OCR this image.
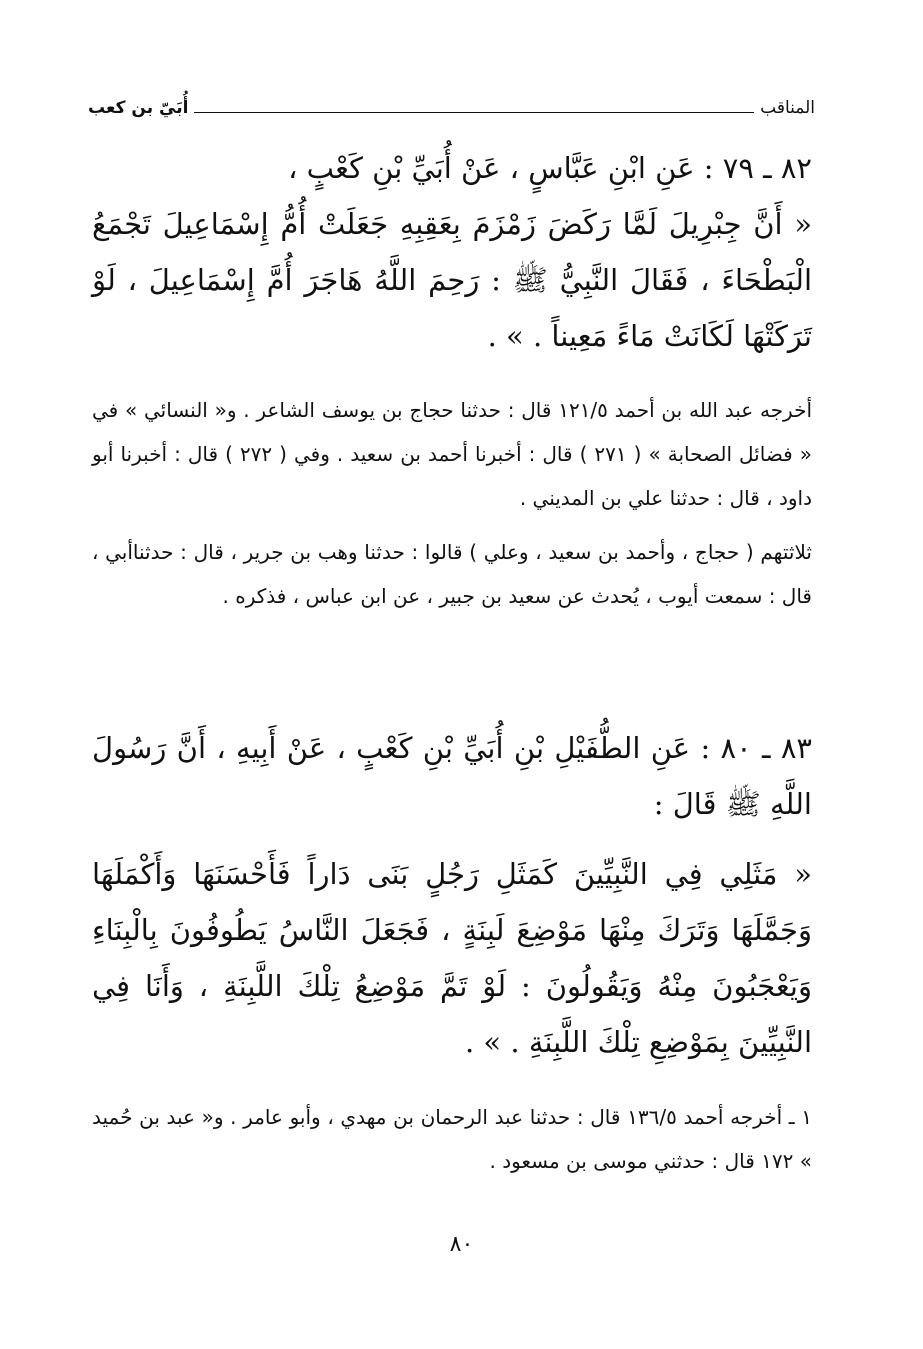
المناقب
أُبَيّ بن كعب

٨٢ ـ ٧٩ : عَنِ ابْنِ عَبَّاسٍ ، عَنْ أُبَيِّ بْنِ كَعْبٍ ،

« أَنَّ جِبْرِيلَ لَمَّا رَكَضَ زَمْزَمَ بِعَقِبِهِ جَعَلَتْ أُمُّ إِسْمَاعِيلَ تَجْمَعُ الْبَطْحَاءَ ، فَقَالَ النَّبِيُّ ﷺ : رَحِمَ اللَّهُ هَاجَرَ أُمَّ إِسْمَاعِيلَ ، لَوْ تَرَكَتْهَا لَكَانَتْ مَاءً مَعِيناً . » .

أخرجه عبد الله بن أحمد ١٢١/٥ قال : حدثنا حجاج بن يوسف الشاعر . و« النسائي » في « فضائل الصحابة » ( ٢٧١ ) قال : أخبرنا أحمد بن سعيد . وفي ( ٢٧٢ ) قال : أخبرنا أبو داود ، قال : حدثنا علي بن المديني .

ثلاثتهم ( حجاج ، وأحمد بن سعيد ، وعلي ) قالوا : حدثنا وهب بن جرير ، قال : حدثناأبي ، قال : سمعت أيوب ، يُحدث عن سعيد بن جبير ، عن ابن عباس ، فذكره .

٨٣ ـ ٨٠ : عَنِ الطُّفَيْلِ بْنِ أُبَيِّ بْنِ كَعْبٍ ، عَنْ أَبِيهِ ، أَنَّ رَسُولَ اللَّهِ ﷺ قَالَ :

« مَثَلِي فِي النَّبِيِّينَ كَمَثَلِ رَجُلٍ بَنَى دَاراً فَأَحْسَنَهَا وَأَكْمَلَهَا وَجَمَّلَهَا وَتَرَكَ مِنْهَا مَوْضِعَ لَبِنَةٍ ، فَجَعَلَ النَّاسُ يَطُوفُونَ بِالْبِنَاءِ وَيَعْجَبُونَ مِنْهُ وَيَقُولُونَ : لَوْ تَمَّ مَوْضِعُ تِلْكَ اللَّبِنَةِ ، وَأَنَا فِي النَّبِيِّينَ بِمَوْضِعِ تِلْكَ اللَّبِنَةِ . » .

١ ـ أخرجه أحمد ١٣٦/٥ قال : حدثنا عبد الرحمان بن مهدي ، وأبو عامر . و« عبد بن حُميد » ١٧٢ قال : حدثني موسى بن مسعود .

٨٠
